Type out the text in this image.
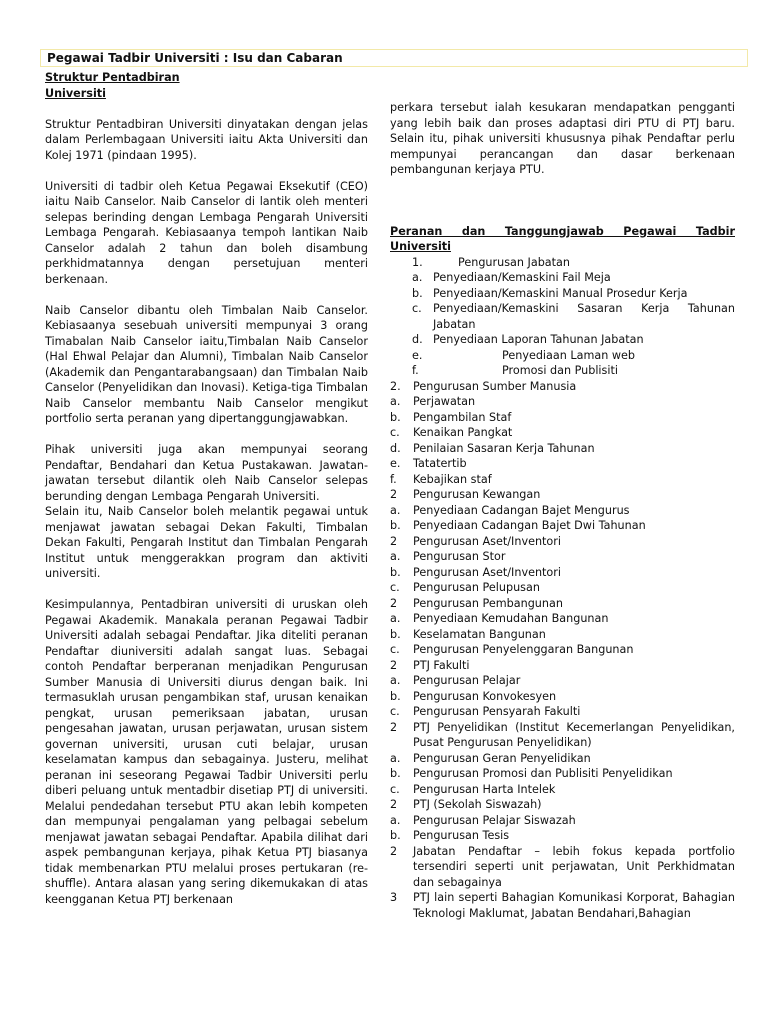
Pegawai Tadbir Universiti : Isu dan Cabaran
Struktur Pentadbiran
Universiti

Struktur Pentadbiran Universiti dinyatakan dengan jelas dalam Perlembagaan Universiti iaitu Akta Universiti dan Kolej 1971 (pindaan 1995).

Universiti di tadbir oleh Ketua Pegawai Eksekutif (CEO) iaitu Naib Canselor. Naib Canselor di lantik oleh menteri selepas berinding dengan Lembaga Pengarah Universiti Lembaga Pengarah. Kebiasaanya tempoh lantikan Naib Canselor adalah 2 tahun dan boleh disambung perkhidmatannya dengan persetujuan menteri berkenaan.

Naib Canselor dibantu oleh Timbalan Naib Canselor. Kebiasaanya sesebuah universiti mempunyai 3 orang Timabalan Naib Canselor iaitu,Timbalan Naib Canselor (Hal Ehwal Pelajar dan Alumni), Timbalan Naib Canselor (Akademik dan Pengantarabangsaan) dan Timbalan Naib Canselor (Penyelidikan dan Inovasi). Ketiga-tiga Timbalan Naib Canselor membantu Naib Canselor mengikut portfolio serta peranan yang dipertanggungjawabkan.

Pihak universiti juga akan mempunyai seorang Pendaftar, Bendahari dan Ketua Pustakawan. Jawatan-jawatan tersebut dilantik oleh Naib Canselor selepas berunding dengan Lembaga Pengarah Universiti.

Selain itu, Naib Canselor boleh melantik pegawai untuk menjawat jawatan sebagai Dekan Fakulti, Timbalan Dekan Fakulti, Pengarah Institut dan Timbalan Pengarah Institut untuk menggerakkan program dan aktiviti universiti.

Kesimpulannya, Pentadbiran universiti di uruskan oleh Pegawai Akademik. Manakala peranan Pegawai Tadbir Universiti adalah sebagai Pendaftar. Jika diteliti peranan Pendaftar diuniversiti adalah sangat luas. Sebagai contoh Pendaftar berperanan menjadikan Pengurusan Sumber Manusia di Universiti diurus dengan baik. Ini termasuklah urusan pengambikan staf, urusan kenaikan pengkat, urusan pemeriksaan jabatan, urusan pengesahan jawatan, urusan perjawatan, urusan sistem governan universiti, urusan cuti belajar, urusan keselamatan kampus dan sebagainya. Justeru, melihat peranan ini seseorang Pegawai Tadbir Universiti perlu diberi peluang untuk mentadbir disetiap PTJ di universiti. Melalui pendedahan tersebut PTU akan lebih kompeten dan mempunyai pengalaman yang pelbagai sebelum menjawat jawatan sebagai Pendaftar. Apabila dilihat dari aspek pembangunan kerjaya, pihak Ketua PTJ biasanya tidak membenarkan PTU melalui proses pertukaran (re-shuffle). Antara alasan yang sering dikemukakan di atas keengganan Ketua PTJ berkenaan

perkara tersebut ialah kesukaran mendapatkan pengganti yang lebih baik dan proses adaptasi diri PTU di PTJ baru. Selain itu, pihak universiti khususnya pihak Pendaftar perlu mempunyai perancangan dan dasar berkenaan pembangunan kerjaya PTU.

Peranan dan Tanggungjawab Pegawai Tadbir Universiti
1.	Pengurusan Jabatan
a. Penyediaan/Kemaskini Fail Meja
b. Penyediaan/Kemaskini Manual Prosedur Kerja
c.	Penyediaan/Kemaskini Sasaran Kerja Tahunan Jabatan
d. Penyediaan Laporan Tahunan Jabatan
e.	Penyediaan Laman web
f.	Promosi dan Publisiti
2.	Pengurusan Sumber Manusia
a.	Perjawatan
b.	Pengambilan Staf
c.	Kenaikan Pangkat
d.	Penilaian Sasaran Kerja Tahunan
e.	Tatatertib
f.	Kebajikan staf
2	Pengurusan Kewangan
a.	Penyediaan Cadangan Bajet Mengurus
b.	Penyediaan Cadangan Bajet Dwi Tahunan
2	Pengurusan Aset/Inventori
a.	Pengurusan Stor
b.	Pengurusan Aset/Inventori
c.	Pengurusan Pelupusan
2	Pengurusan Pembangunan
a.	Penyediaan Kemudahan Bangunan
b.	Keselamatan Bangunan
c.	Pengurusan Penyelenggaran Bangunan
2	PTJ Fakulti
a.	Pengurusan Pelajar
b.	Pengurusan Konvokesyen
c.	Pengurusan Pensyarah Fakulti
2	PTJ Penyelidikan (Institut Kecemerlangan Penyelidikan, Pusat Pengurusan Penyelidikan)
a.	Pengurusan Geran Penyelidikan
b.	Pengurusan Promosi dan Publisiti Penyelidikan
c.	Pengurusan Harta Intelek
2	PTJ (Sekolah Siswazah)
a.	Pengurusan Pelajar Siswazah
b.	Pengurusan Tesis
2	Jabatan Pendaftar – lebih fokus kepada portfolio tersendiri seperti unit perjawatan, Unit Perkhidmatan dan sebagainya
3	PTJ lain seperti Bahagian Komunikasi Korporat, Bahagian Teknologi Maklumat, Jabatan Bendahari,Bahagian
